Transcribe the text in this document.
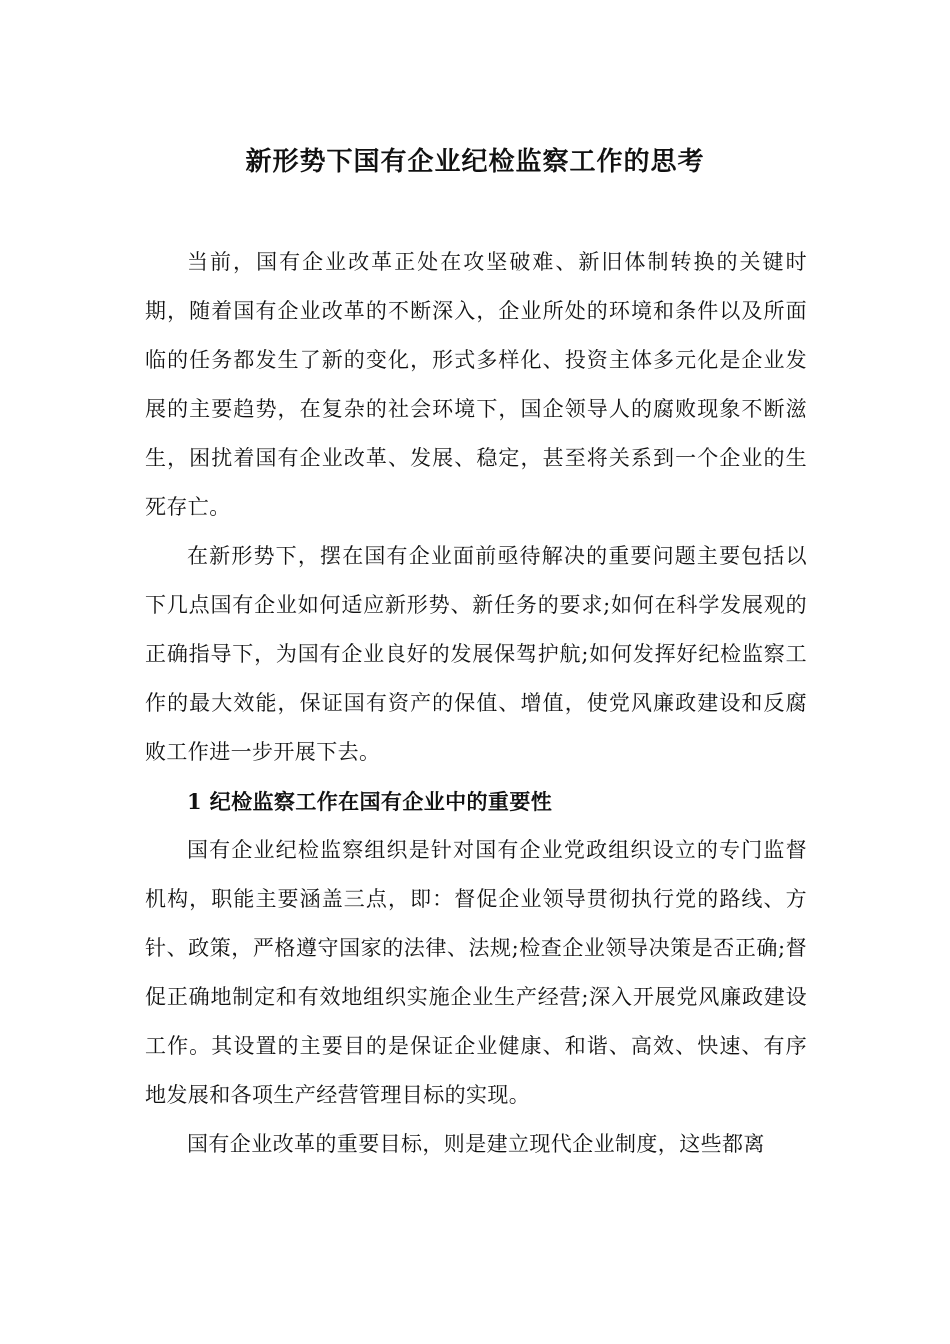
新形势下国有企业纪检监察工作的思考

当前，国有企业改革正处在攻坚破难、新旧体制转换的关键时期，随着国有企业改革的不断深入，企业所处的环境和条件以及所面临的任务都发生了新的变化，形式多样化、投资主体多元化是企业发展的主要趋势，在复杂的社会环境下，国企领导人的腐败现象不断滋生，困扰着国有企业改革、发展、稳定，甚至将关系到一个企业的生死存亡。

在新形势下，摆在国有企业面前亟待解决的重要问题主要包括以下几点国有企业如何适应新形势、新任务的要求;如何在科学发展观的正确指导下，为国有企业良好的发展保驾护航;如何发挥好纪检监察工作的最大效能，保证国有资产的保值、增值，使党风廉政建设和反腐败工作进一步开展下去。

1 纪检监察工作在国有企业中的重要性

国有企业纪检监察组织是针对国有企业党政组织设立的专门监督机构，职能主要涵盖三点，即：督促企业领导贯彻执行党的路线、方针、政策，严格遵守国家的法律、法规;检查企业领导决策是否正确;督促正确地制定和有效地组织实施企业生产经营;深入开展党风廉政建设工作。其设置的主要目的是保证企业健康、和谐、高效、快速、有序地发展和各项生产经营管理目标的实现。

国有企业改革的重要目标，则是建立现代企业制度，这些都离
